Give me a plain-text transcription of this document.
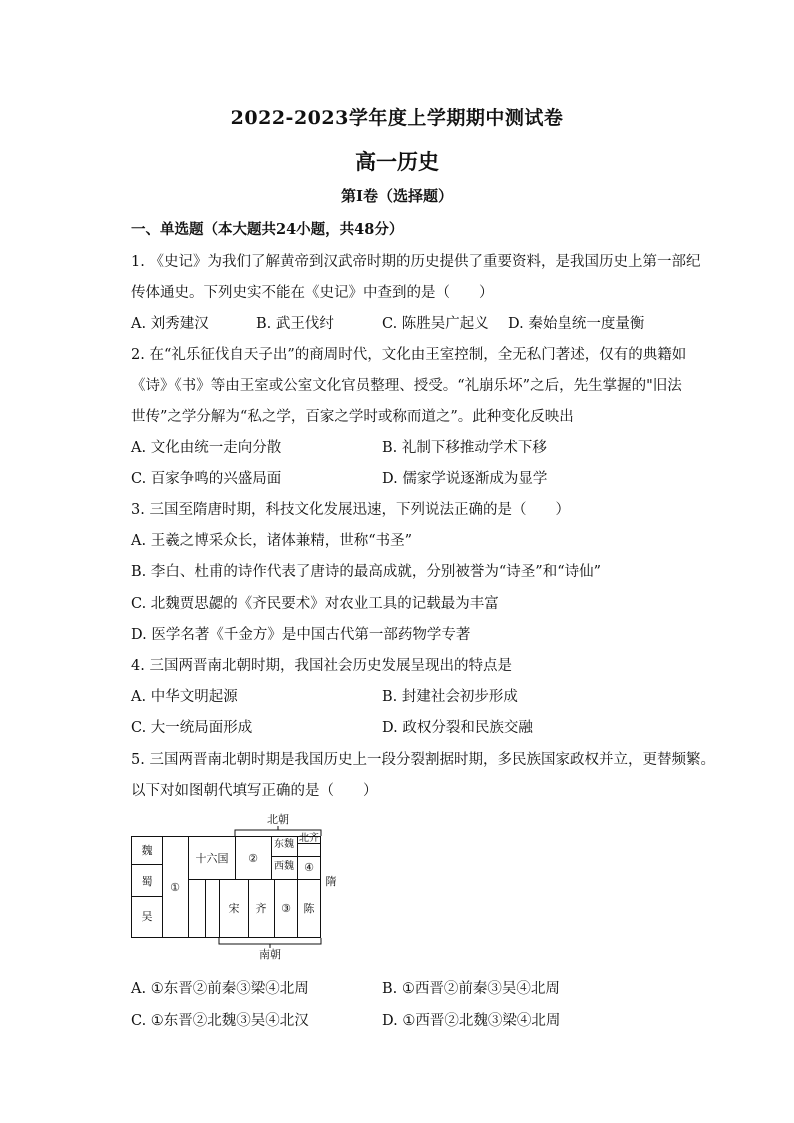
2022-2023学年度上学期期中测试卷
高一历史
第Ⅰ卷（选择题）
一、单选题（本大题共24小题，共48分）
1. 《史记》为我们了解黄帝到汉武帝时期的历史提供了重要资料，是我国历史上第一部纪
传体通史。下列史实不能在《史记》中查到的是（　　）
A. 刘秀建汉	B. 武王伐纣	C. 陈胜吴广起义 D. 秦始皇统一度量衡
2. 在“礼乐征伐自天子出”的商周时代，文化由王室控制，全无私门著述，仅有的典籍如
《诗》《书》等由王室或公室文化官员整理、授受。“礼崩乐坏”之后，先生掌握的"旧法
世传”之学分解为“私之学，百家之学时或称而道之”。此种变化反映出
A. 文化由统一走向分散	B. 礼制下移推动学术下移
C. 百家争鸣的兴盛局面	D. 儒家学说逐渐成为显学
3. 三国至隋唐时期，科技文化发展迅速，下列说法正确的是（　　）
A. 王羲之博采众长，诸体兼精，世称“书圣”
B. 李白、杜甫的诗作代表了唐诗的最高成就，分别被誉为“诗圣”和“诗仙”
C. 北魏贾思勰的《齐民要术》对农业工具的记载最为丰富
D. 医学名著《千金方》是中国古代第一部药物学专著
4. 三国两晋南北朝时期，我国社会历史发展呈现出的特点是
A. 中华文明起源	B. 封建社会初步形成
C. 大一统局面形成	D. 政权分裂和民族交融
5. 三国两晋南北朝时期是我国历史上一段分裂割据时期，多民族国家政权并立，更替频繁。
以下对如图朝代填写正确的是（　　）
北朝
南朝
魏
蜀
吴
①
十六国 ②
东魏
西魏
北齐
④
宋 齐 ③ 陈
隋
A. ①东晋②前秦③梁④北周	B. ①西晋②前秦③吴④北周
C. ①东晋②北魏③吴④北汉	D. ①西晋②北魏③梁④北周
